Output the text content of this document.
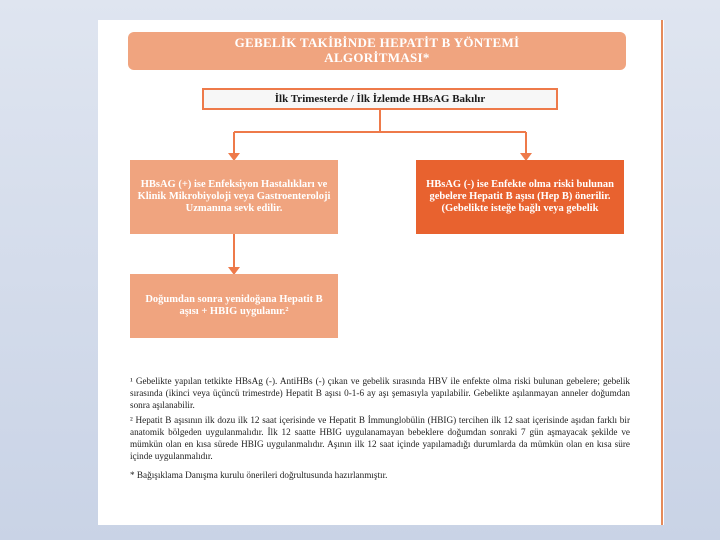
GEBELİK TAKİBİNDE HEPATİT B YÖNTEMİ
ALGORİTMASI*
İlk Trimesterde / İlk İzlemde HBsAG Bakılır
HBsAG (+) ise Enfeksiyon Hastalıkları ve Klinik Mikrobiyoloji veya Gastroenteroloji Uzmanına sevk edilir.
HBsAG (-) ise Enfekte olma riski bulunan gebelere Hepatit B aşısı (Hep B) önerilir. (Gebelikte isteğe bağlı veya gebelik
Doğumdan sonra yenidoğana Hepatit B aşısı + HBIG uygulanır.²

¹ Gebelikte yapılan tetkikte HBsAg (-). AntiHBs (-) çıkan ve gebelik sırasında HBV ile enfekte olma riski bulunan gebelere; gebelik sırasında (ikinci veya üçüncü trimestrde) Hepatit B aşısı 0-1-6 ay aşı şemasıyla yapılabilir. Gebelikte aşılanmayan anneler doğumdan sonra aşılanabilir.

² Hepatit B aşısının ilk dozu ilk 12 saat içerisinde ve Hepatit B İmmunglobülin (HBIG) tercihen ilk 12 saat içerisinde aşıdan farklı bir anatomik bölgeden uygulanmalıdır. İlk 12 saatte HBIG uygulanamayan bebeklere doğumdan sonraki 7 gün aşmayacak şekilde ve mümkün olan en kısa sürede HBIG uygulanmalıdır. Aşının ilk 12 saat içinde yapılamadığı durumlarda da mümkün olan en kısa süre içinde uygulanmalıdır.

* Bağışıklama Danışma kurulu önerileri doğrultusunda hazırlanmıştır.
